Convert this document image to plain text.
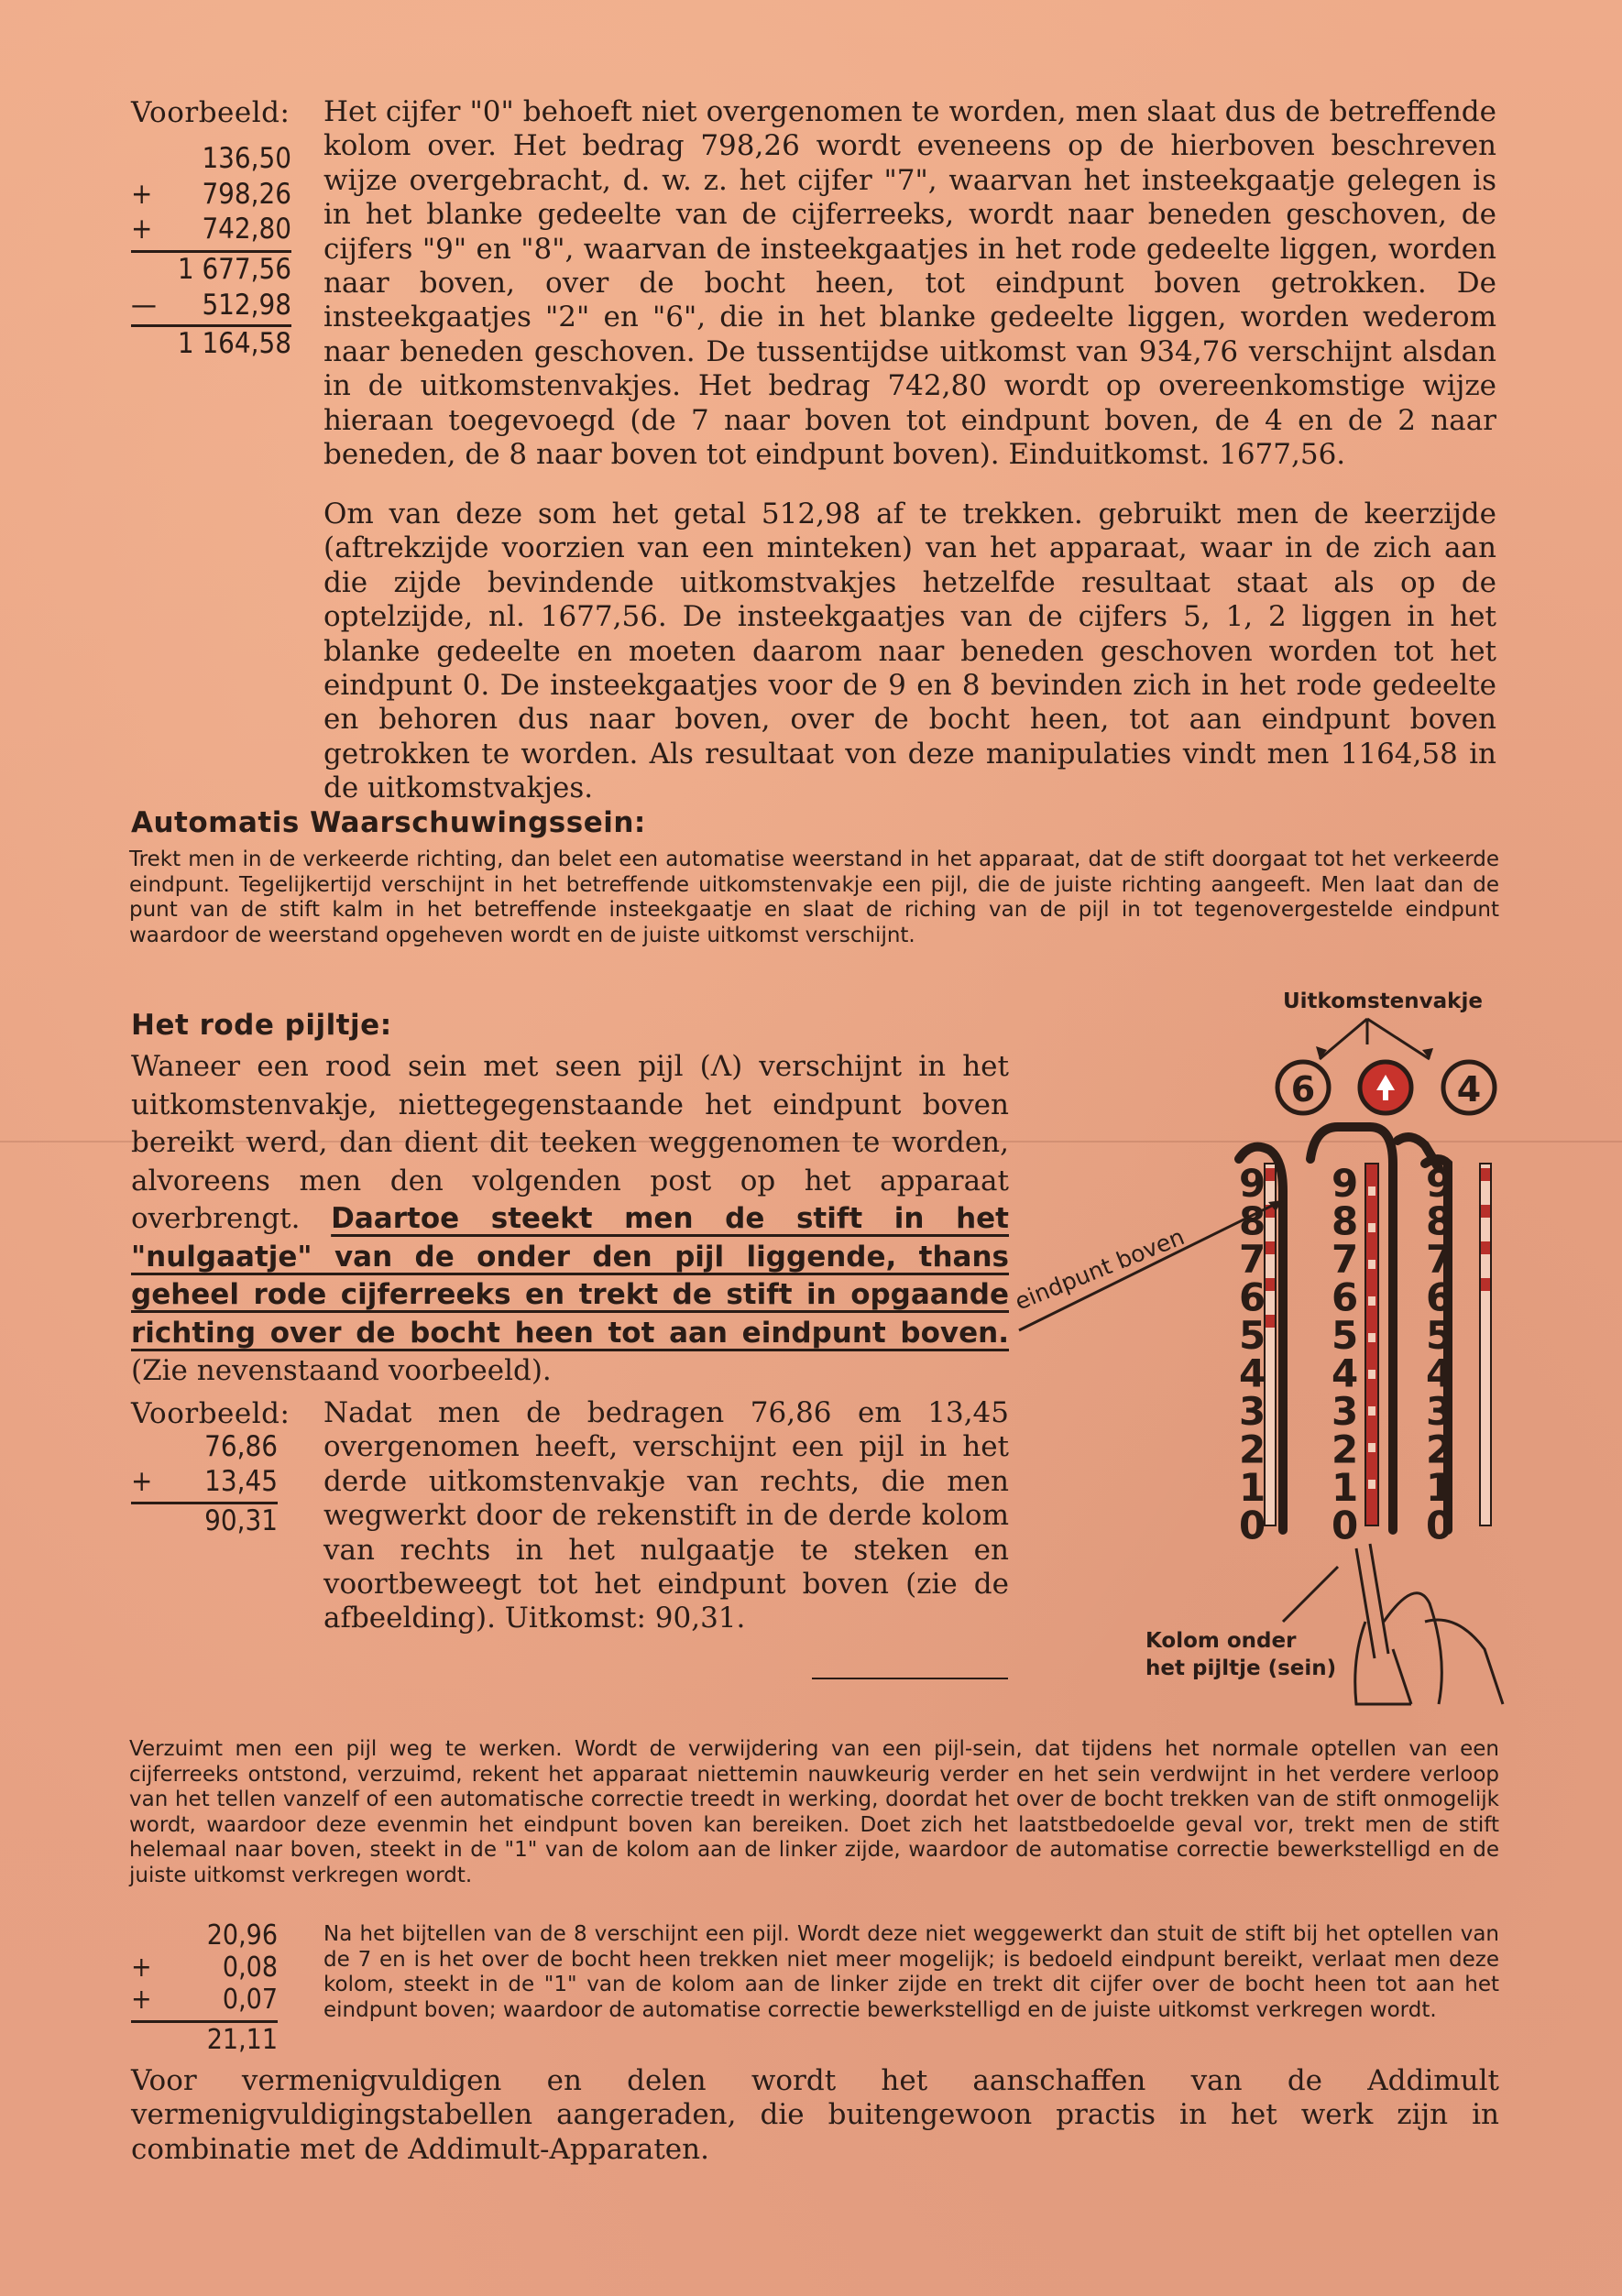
Voorbeeld:
136,50
+ 798,26
+ 742,80
1 677,56
— 512,98
1 164,58
Het cijfer "0" behoeft niet overgenomen te worden, men slaat dus de betreffende kolom over. Het bedrag 798,26 wordt eveneens op de hierboven beschreven wijze overgebracht, d. w. z. het cijfer "7", waarvan het insteekgaatje gelegen is in het blanke gedeelte van de cijferreeks, wordt naar beneden geschoven, de cijfers "9" en "8", waarvan de insteekgaatjes in het rode gedeelte liggen, worden naar boven, over de bocht heen, tot eindpunt boven getrokken. De insteekgaatjes "2" en "6", die in het blanke gedeelte liggen, worden wederom naar beneden geschoven. De tussentijdse uitkomst van 934,76 verschijnt alsdan in de uitkomstenvakjes. Het bedrag 742,80 wordt op overeenkomstige wijze hieraan toegevoegd (de 7 naar boven tot eindpunt boven, de 4 en de 2 naar beneden, de 8 naar boven tot eindpunt boven). Einduitkomst. 1677,56.
Om van deze som het getal 512,98 af te trekken. gebruikt men de keerzijde (aftrekzijde voorzien van een minteken) van het apparaat, waar in de zich aan die zijde bevindende uitkomstvakjes hetzelfde resultaat staat als op de optelzijde, nl. 1677,56. De insteekgaatjes van de cijfers 5, 1, 2 liggen in het blanke gedeelte en moeten daarom naar beneden geschoven worden tot het eindpunt 0. De insteekgaatjes voor de 9 en 8 bevinden zich in het rode gedeelte en behoren dus naar boven, over de bocht heen, tot aan eindpunt boven getrokken te worden. Als resultaat von deze manipulaties vindt men 1164,58 in de uitkomstvakjes.
Automatis Waarschuwingssein:
Trekt men in de verkeerde richting, dan belet een automatise weerstand in het apparaat, dat de stift doorgaat tot het verkeerde eindpunt. Tegelijkertijd verschijnt in het betreffende uitkomstenvakje een pijl, die de juiste richting aangeeft. Men laat dan de punt van de stift kalm in het betreffende insteekgaatje en slaat de riching van de pijl in tot tegenovergestelde eindpunt waardoor de weerstand opgeheven wordt en de juiste uitkomst verschijnt.
Het rode pijltje:
Waneer een rood sein met seen pijl (Λ) verschijnt in het uitkomstenvakje, niettegegenstaande het eindpunt boven bereikt werd, dan dient dit teeken weggenomen te worden, alvoreens men den volgenden post op het apparaat overbrengt. Daartoe steekt men de stift in het "nulgaatje" van de onder den pijl liggende, thans geheel rode cijferreeks en trekt de stift in opgaande richting over de bocht heen tot aan eindpunt boven. (Zie nevenstaand voorbeeld).
Voorbeeld:
76,86
+ 13,45
90,31
Nadat men de bedragen 76,86 em 13,45 overgenomen heeft, verschijnt een pijl in het derde uitkomstenvakje van rechts, die men wegwerkt door de rekenstift in de derde kolom van rechts in het nulgaatje te steken en voortbeweegt tot het eindpunt boven (zie de afbeelding). Uitkomst: 90,31.
Uitkomstenvakje
6	4
9
8
7
6
5
4
3
2
1
0
9
8
7
6
5
4
3
2
1
0
9
8
7
6
5
4
3
2
1
0
eindpunt boven
Kolom onder
het pijltje (sein)
Verzuimt men een pijl weg te werken. Wordt de verwijdering van een pijl-sein, dat tijdens het normale optellen van een cijferreeks ontstond, verzuimd, rekent het apparaat niettemin nauwkeurig verder en het sein verdwijnt in het verdere verloop van het tellen vanzelf of een automatische correctie treedt in werking, doordat het over de bocht trekken van de stift onmogelijk wordt, waardoor deze evenmin het eindpunt boven kan bereiken. Doet zich het laatstbedoelde geval vor, trekt men de stift helemaal naar boven, steekt in de "1" van de kolom aan de linker zijde, waardoor de automatise correctie bewerkstelligd en de juiste uitkomst verkregen wordt.
20,96
+	0,08
+	0,07
21,11
Na het bijtellen van de 8 verschijnt een pijl. Wordt deze niet weggewerkt dan stuit de stift bij het optellen van de 7 en is het over de bocht heen trekken niet meer mogelijk; is bedoeld eindpunt bereikt, verlaat men deze kolom, steekt in de "1" van de kolom aan de linker zijde en trekt dit cijfer over de bocht heen tot aan het eindpunt boven; waardoor de automatise correctie bewerkstelligd en de juiste uitkomst verkregen wordt.
Voor vermenigvuldigen en delen wordt het aanschaffen van de Addimult vermenigvuldigingstabellen aangeraden, die buitengewoon practis in het werk zijn in combinatie met de Addimult-Apparaten.
